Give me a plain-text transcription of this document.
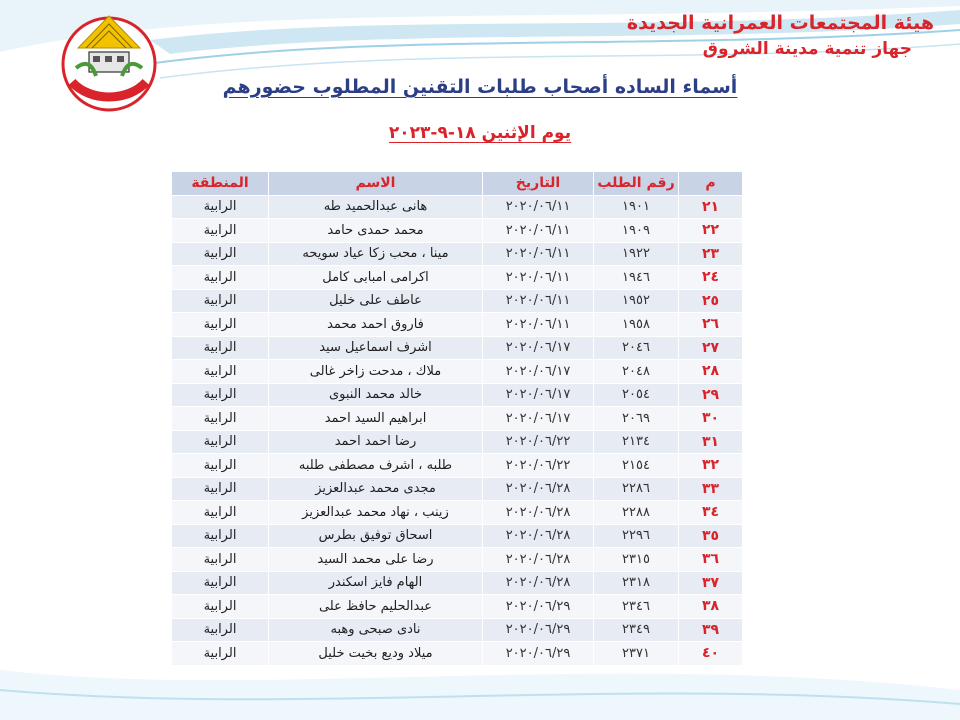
هيئة المجتمعات العمرانية الجديدة
جهاز تنمية مدينة الشروق
أسماء الساده أصحاب طلبات التقنين المطلوب حضورهم
يوم الإثنين ١٨-٩-٢٠٢٣
م	رقم الطلب	التاريخ	الاسم	المنطقة
٢١	١٩٠١	٢٠٢٠/٠٦/١١	هانى عبدالحميد طه	الرابية
٢٢	١٩٠٩	٢٠٢٠/٠٦/١١	محمد حمدى حامد	الرابية
٢٣	١٩٢٢	٢٠٢٠/٠٦/١١	مينا ، محب زكا عياد سويحه	الرابية
٢٤	١٩٤٦	٢٠٢٠/٠٦/١١	اكرامى امبابى كامل	الرابية
٢٥	١٩٥٢	٢٠٢٠/٠٦/١١	عاطف على خليل	الرابية
٢٦	١٩٥٨	٢٠٢٠/٠٦/١١	فاروق احمد محمد	الرابية
٢٧	٢٠٤٦	٢٠٢٠/٠٦/١٧	اشرف اسماعيل سيد	الرابية
٢٨	٢٠٤٨	٢٠٢٠/٠٦/١٧	ملاك ، مدحت زاخر غالى	الرابية
٢٩	٢٠٥٤	٢٠٢٠/٠٦/١٧	خالد محمد النبوى	الرابية
٣٠	٢٠٦٩	٢٠٢٠/٠٦/١٧	ابراهيم السيد احمد	الرابية
٣١	٢١٣٤	٢٠٢٠/٠٦/٢٢	رضا احمد احمد	الرابية
٣٢	٢١٥٤	٢٠٢٠/٠٦/٢٢	طلبه ، اشرف مصطفى طلبه	الرابية
٣٣	٢٢٨٦	٢٠٢٠/٠٦/٢٨	مجدى محمد عبدالعزيز	الرابية
٣٤	٢٢٨٨	٢٠٢٠/٠٦/٢٨	زينب ، نهاد محمد عبدالعزيز	الرابية
٣٥	٢٢٩٦	٢٠٢٠/٠٦/٢٨	اسحاق توفيق بطرس	الرابية
٣٦	٢٣١٥	٢٠٢٠/٠٦/٢٨	رضا على محمد السيد	الرابية
٣٧	٢٣١٨	٢٠٢٠/٠٦/٢٨	الهام فايز اسكندر	الرابية
٣٨	٢٣٤٦	٢٠٢٠/٠٦/٢٩	عبدالحليم حافظ على	الرابية
٣٩	٢٣٤٩	٢٠٢٠/٠٦/٢٩	نادى صبحى وهبه	الرابية
٤٠	٢٣٧١	٢٠٢٠/٠٦/٢٩	ميلاد وديع بخيت خليل	الرابية
